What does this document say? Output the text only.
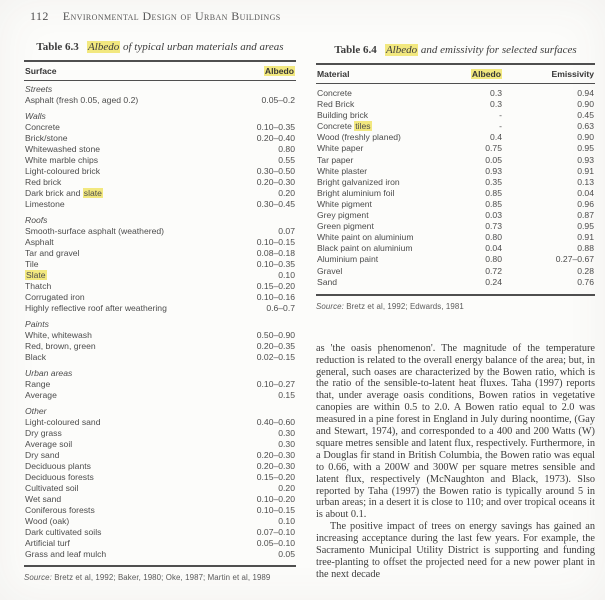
112 Environmental Design of Urban Buildings
Table 6.3 Albedo of typical urban materials and areas
Surface	Albedo
Streets
Asphalt (fresh 0.05, aged 0.2)	0.05–0.2
Walls
Concrete	0.10–0.35
Brick/stone	0.20–0.40
Whitewashed stone	0.80
White marble chips	0.55
Light-coloured brick	0.30–0.50
Red brick	0.20–0.30
Dark brick and slate	0.20
Limestone	0.30–0.45
Roofs
Smooth-surface asphalt (weathered)	0.07
Asphalt	0.10–0.15
Tar and gravel	0.08–0.18
Tile	0.10–0.35
Slate	0.10
Thatch	0.15–0.20
Corrugated iron	0.10–0.16
Highly reflective roof after weathering	0.6–0.7
Paints
White, whitewash	0.50–0.90
Red, brown, green	0.20–0.35
Black	0.02–0.15
Urban areas
Range	0.10–0.27
Average	0.15
Other
Light-coloured sand	0.40–0.60
Dry grass	0.30
Average soil	0.30
Dry sand	0.20–0.30
Deciduous plants	0.20–0.30
Deciduous forests	0.15–0.20
Cultivated soil	0.20
Wet sand	0.10–0.20
Coniferous forests	0.10–0.15
Wood (oak)	0.10
Dark cultivated soils	0.07–0.10
Artificial turf	0.05–0.10
Grass and leaf mulch	0.05
Source: Bretz et al, 1992; Baker, 1980; Oke, 1987; Martin et al, 1989
Table 6.4 Albedo and emissivity for selected surfaces
Material	Albedo	Emissivity
Concrete	0.3	0.94
Red Brick	0.3	0.90
Building brick	-	0.45
Concrete tiles	-	0.63
Wood (freshly planed)	0.4	0.90
White paper	0.75	0.95
Tar paper	0.05	0.93
White plaster	0.93	0.91
Bright galvanized iron	0.35	0.13
Bright aluminium foil	0.85	0.04
White pigment	0.85	0.96
Grey pigment	0.03	0.87
Green pigment	0.73	0.95
White paint on aluminium	0.80	0.91
Black paint on aluminium	0.04	0.88
Aluminium paint	0.80	0.27–0.67
Gravel	0.72	0.28
Sand	0.24	0.76
Source: Bretz et al, 1992; Edwards, 1981

as 'the oasis phenomenon'. The magnitude of the temperature reduction is related to the overall energy balance of the area; but, in general, such oases are characterized by the Bowen ratio, which is the ratio of the sensible-to-latent heat fluxes. Taha (1997) reports that, under average oasis conditions, Bowen ratios in vegetative canopies are within 0.5 to 2.0. A Bowen ratio equal to 2.0 was measured in a pine forest in England in July during noontime, (Gay and Stewart, 1974), and corresponded to a 400 and 200 Watts (W) square metres sensible and latent flux, respectively. Furthermore, in a Douglas fir stand in British Columbia, the Bowen ratio was equal to 0.66, with a 200W and 300W per square metres sensible and latent flux, respectively (McNaughton and Black, 1973). Slso reported by Taha (1997) the Bowen ratio is typically around 5 in urban areas; in a desert it is close to 110; and over tropical oceans it is about 0.1.

The positive impact of trees on energy savings has gained an increasing acceptance during the last few years. For example, the Sacramento Municipal Utility District is supporting and funding tree-planting to offset the projected need for a new power plant in the next decade
